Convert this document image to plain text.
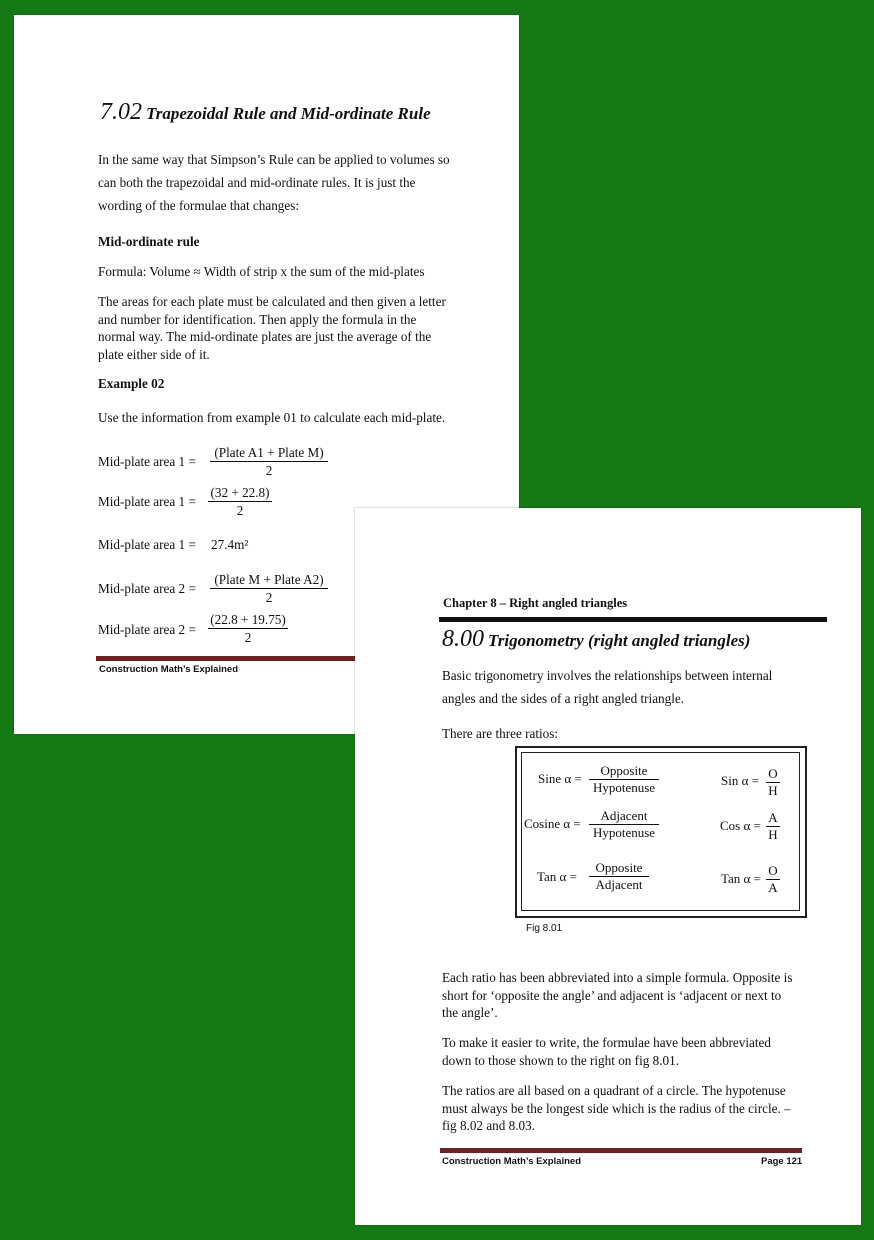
7.02 Trapezoidal Rule and Mid-ordinate Rule
In the same way that Simpson’s Rule can be applied to volumes so
can both the trapezoidal and mid-ordinate rules. It is just the
wording of the formulae that changes:
Mid-ordinate rule
Formula: Volume ≈ Width of strip x the sum of the mid-plates
The areas for each plate must be calculated and then given a letter
and number for identification. Then apply the formula in the
normal way. The mid-ordinate plates are just the average of the
plate either side of it.
Example 02
Use the information from example 01 to calculate each mid-plate.
Mid-plate area 1 =
(Plate A1 + Plate M)
2
Mid-plate area $1 = \frac{(32 + 22.8)}{2}$
Mid-plate area 1 = 27.4m²
Mid-plate area 2 =
(Plate M + Plate A2)
2
Mid-plate area $2 = \frac{(22.8 + 19.75)}{2}$
Construction Math’s Explained
Chapter 8 – Right angled triangles
8.00 Trigonometry (right angled triangles)
Basic trigonometry involves the relationships between internal
angles and the sides of a right angled triangle.
There are three ratios:
Sine α =
Opposite
Hypotenuse	Sin $\alpha = \frac{O}{H}$
Cosine α =
Adjacent
Hypotenuse	Cos $\alpha = \frac{A}{H}$
Tan α =
Opposite
Adjacent	Tan $\alpha = \frac{O}{A}$
Fig 8.01
Each ratio has been abbreviated into a simple formula. Opposite is
short for ‘opposite the angle’ and adjacent is ‘adjacent or next to
the angle’.
To make it easier to write, the formulae have been abbreviated
down to those shown to the right on fig 8.01.
The ratios are all based on a quadrant of a circle. The hypotenuse
must always be the longest side which is the radius of the circle. –
fig 8.02 and 8.03.
Construction Math’s Explained	Page 121
